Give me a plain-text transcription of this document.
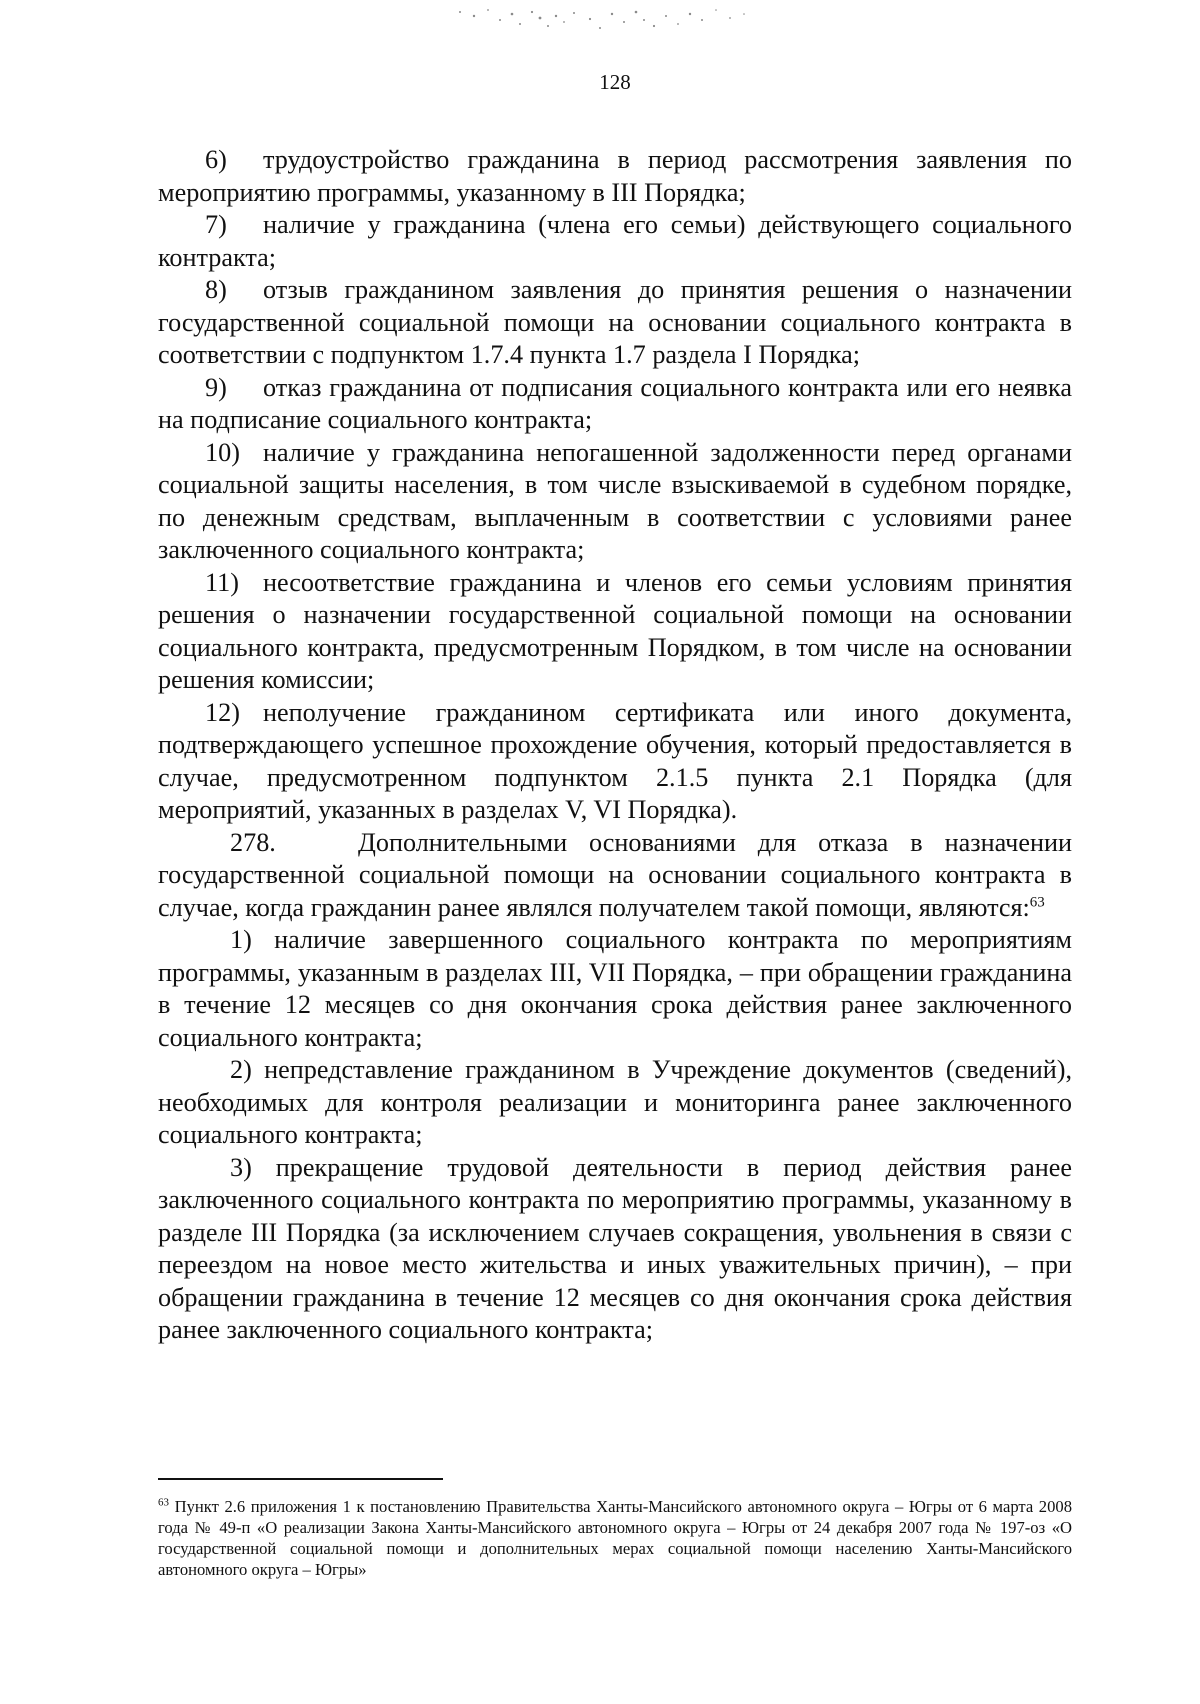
128

6) трудоустройство гражданина в период рассмотрения заявления по мероприятию программы, указанному в III Порядка;

7) наличие у гражданина (члена его семьи) действующего социального контракта;

8) отзыв гражданином заявления до принятия решения о назначении государственной социальной помощи на основании социального контракта в соответствии с подпунктом 1.7.4 пункта 1.7 раздела I Порядка;

9) отказ гражданина от подписания социального контракта или его неявка на подписание социального контракта;

10) наличие у гражданина непогашенной задолженности перед органами социальной защиты населения, в том числе взыскиваемой в судебном порядке, по денежным средствам, выплаченным в соответствии с условиями ранее заключенного социального контракта;

11) несоответствие гражданина и членов его семьи условиям принятия решения о назначении государственной социальной помощи на основании социального контракта, предусмотренным Порядком, в том числе на основании решения комиссии;

12) неполучение гражданином сертификата или иного документа, подтверждающего успешное прохождение обучения, который предоставляется в случае, предусмотренном подпунктом 2.1.5 пункта 2.1 Порядка (для мероприятий, указанных в разделах V, VI Порядка).

278.	Дополнительными основаниями для отказа в назначении государственной социальной помощи на основании социального контракта в случае, когда гражданин ранее являлся получателем такой помощи, являются:$^{63}$

1) наличие завершенного социального контракта по мероприятиям программы, указанным в разделах III, VII Порядка, – при обращении гражданина в течение 12 месяцев со дня окончания срока действия ранее заключенного социального контракта;

2) непредставление гражданином в Учреждение документов (сведений), необходимых для контроля реализации и мониторинга ранее заключенного социального контракта;

3) прекращение трудовой деятельности в период действия ранее заключенного социального контракта по мероприятию программы, указанному в разделе III Порядка (за исключением случаев сокращения, увольнения в связи с переездом на новое место жительства и иных уважительных причин), – при обращении гражданина в течение 12 месяцев со дня окончания срока действия ранее заключенного социального контракта;

$^{63}$ Пункт 2.6 приложения 1 к постановлению Правительства Ханты-Мансийского автономного округа – Югры от 6 марта 2008 года № 49-п «О реализации Закона Ханты-Мансийского автономного округа – Югры от 24 декабря 2007 года № 197-оз «О государственной социальной помощи и дополнительных мерах социальной помощи населению Ханты-Мансийского автономного округа – Югры»
